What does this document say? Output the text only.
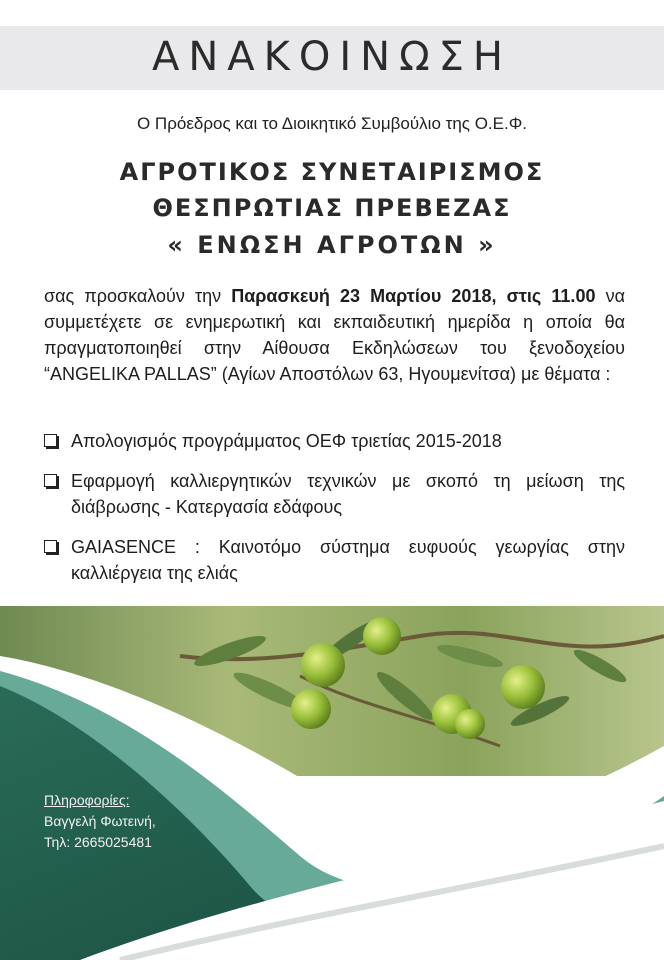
ΑΝΑΚΟΙΝΩΣΗ
Ο Πρόεδρος και το Διοικητικό Συμβούλιο της Ο.Ε.Φ.
ΑΓΡΟΤΙΚΟΣ ΣΥΝΕΤΑΙΡΙΣΜΟΣ
ΘΕΣΠΡΩΤΙΑΣ ΠΡΕΒΕΖΑΣ
« ΕΝΩΣΗ ΑΓΡΟΤΩΝ »
σας προσκαλούν την Παρασκευή 23 Μαρτίου 2018, στις 11.00 να συμμετέχετε σε ενημερωτική και εκπαιδευτική ημερίδα η οποία θα πραγματοποιηθεί στην Αίθουσα Εκδηλώσεων του ξενοδοχείου “ANGELIKA PALLAS” (Αγίων Αποστόλων 63, Ηγουμενίτσα) με θέματα :
Απολογισμός προγράμματος ΟΕΦ τριετίας 2015-2018
Εφαρμογή καλλιεργητικών τεχνικών με σκοπό τη μείωση της διάβρωσης - Κατεργασία εδάφους
GAIASENCE : Καινοτόμο σύστημα ευφυούς γεωργίας στην καλλιέργεια της ελιάς
Πληροφορίες:
Βαγγελή Φωτεινή,
Τηλ: 2665025481
